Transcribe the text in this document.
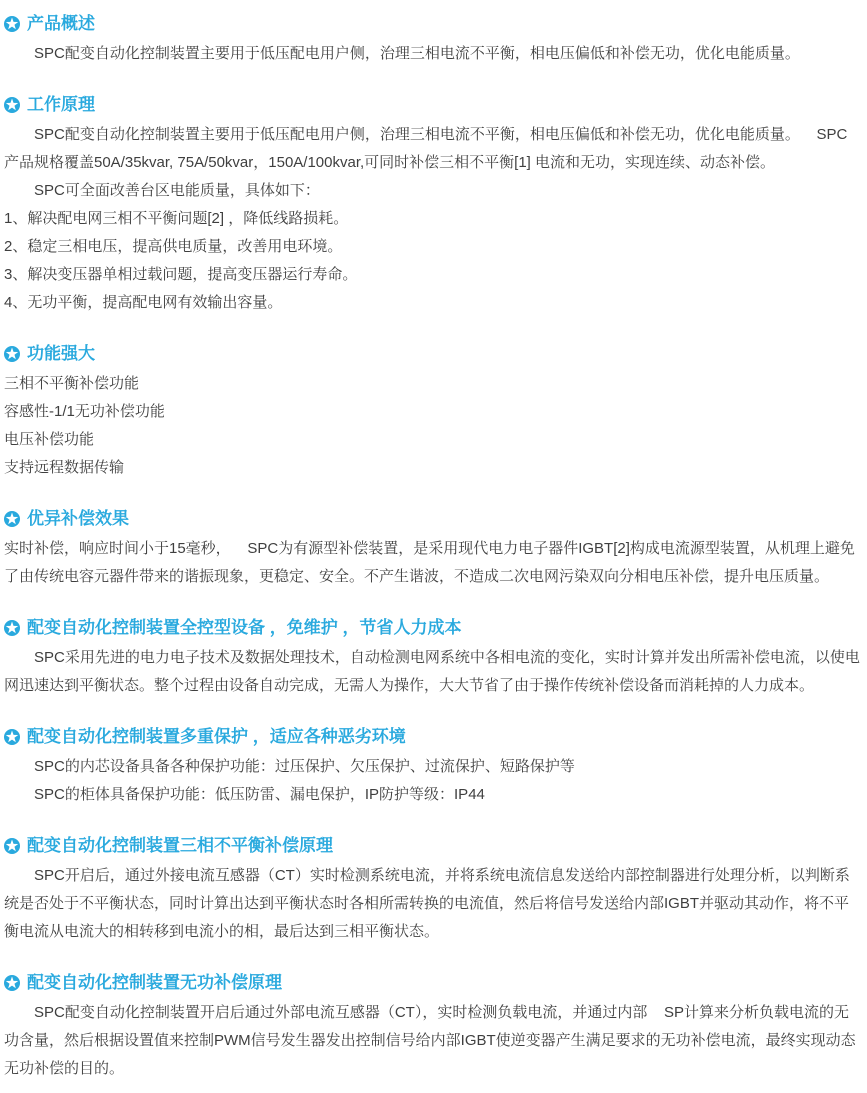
产品概述

SPC配变自动化控制装置主要用于低压配电用户侧，治理三相电流不平衡，相电压偏低和补偿无功，优化电能质量。

工作原理

SPC配变自动化控制装置主要用于低压配电用户侧，治理三相电流不平衡，相电压偏低和补偿无功，优化电能质量。    SPC产品规格覆盖50A/35kvar, 75A/50kvar，150A/100kvar,可同时补偿三相不平衡[1] 电流和无功，实现连续、动态补偿。

SPC可全面改善台区电能质量，具体如下：

1、解决配电网三相不平衡问题[2] ，降低线路损耗。

2、稳定三相电压，提高供电质量，改善用电环境。

3、解决变压器单相过载问题，提高变压器运行寿命。

4、无功平衡，提高配电网有效输出容量。

功能强大

三相不平衡补偿功能

容感性-1/1无功补偿功能

电压补偿功能

支持远程数据传输

优异补偿效果

实时补偿，响应时间小于15毫秒，    SPC为有源型补偿装置，是采用现代电力电子器件IGBT[2]构成电流源型装置，从机理上避免了由传统电容元器件带来的谐振现象，更稳定、安全。不产生谐波，不造成二次电网污染双向分相电压补偿，提升电压质量。

配变自动化控制装置全控型设备 ，免维护 ，节省人力成本

SPC采用先进的电力电子技术及数据处理技术，自动检测电网系统中各相电流的变化，实时计算并发出所需补偿电流，以使电网迅速达到平衡状态。整个过程由设备自动完成，无需人为操作，大大节省了由于操作传统补偿设备而消耗掉的人力成本。

配变自动化控制装置多重保护 ，适应各种恶劣环境

SPC的内芯设备具备各种保护功能：过压保护、欠压保护、过流保护、短路保护等

SPC的柜体具备保护功能：低压防雷、漏电保护，IP防护等级：IP44

配变自动化控制装置三相不平衡补偿原理

SPC开启后，通过外接电流互感器（CT）实时检测系统电流，并将系统电流信息发送给内部控制器进行处理分析，以判断系统是否处于不平衡状态，同时计算出达到平衡状态时各相所需转换的电流值，然后将信号发送给内部IGBT并驱动其动作，将不平衡电流从电流大的相转移到电流小的相，最后达到三相平衡状态。

配变自动化控制装置无功补偿原理

SPC配变自动化控制装置开启后通过外部电流互感器（CT），实时检测负载电流，并通过内部    SP计算来分析负载电流的无功含量，然后根据设置值来控制PWM信号发生器发出控制信号给内部IGBT使逆变器产生满足要求的无功补偿电流，最终实现动态无功补偿的目的。
